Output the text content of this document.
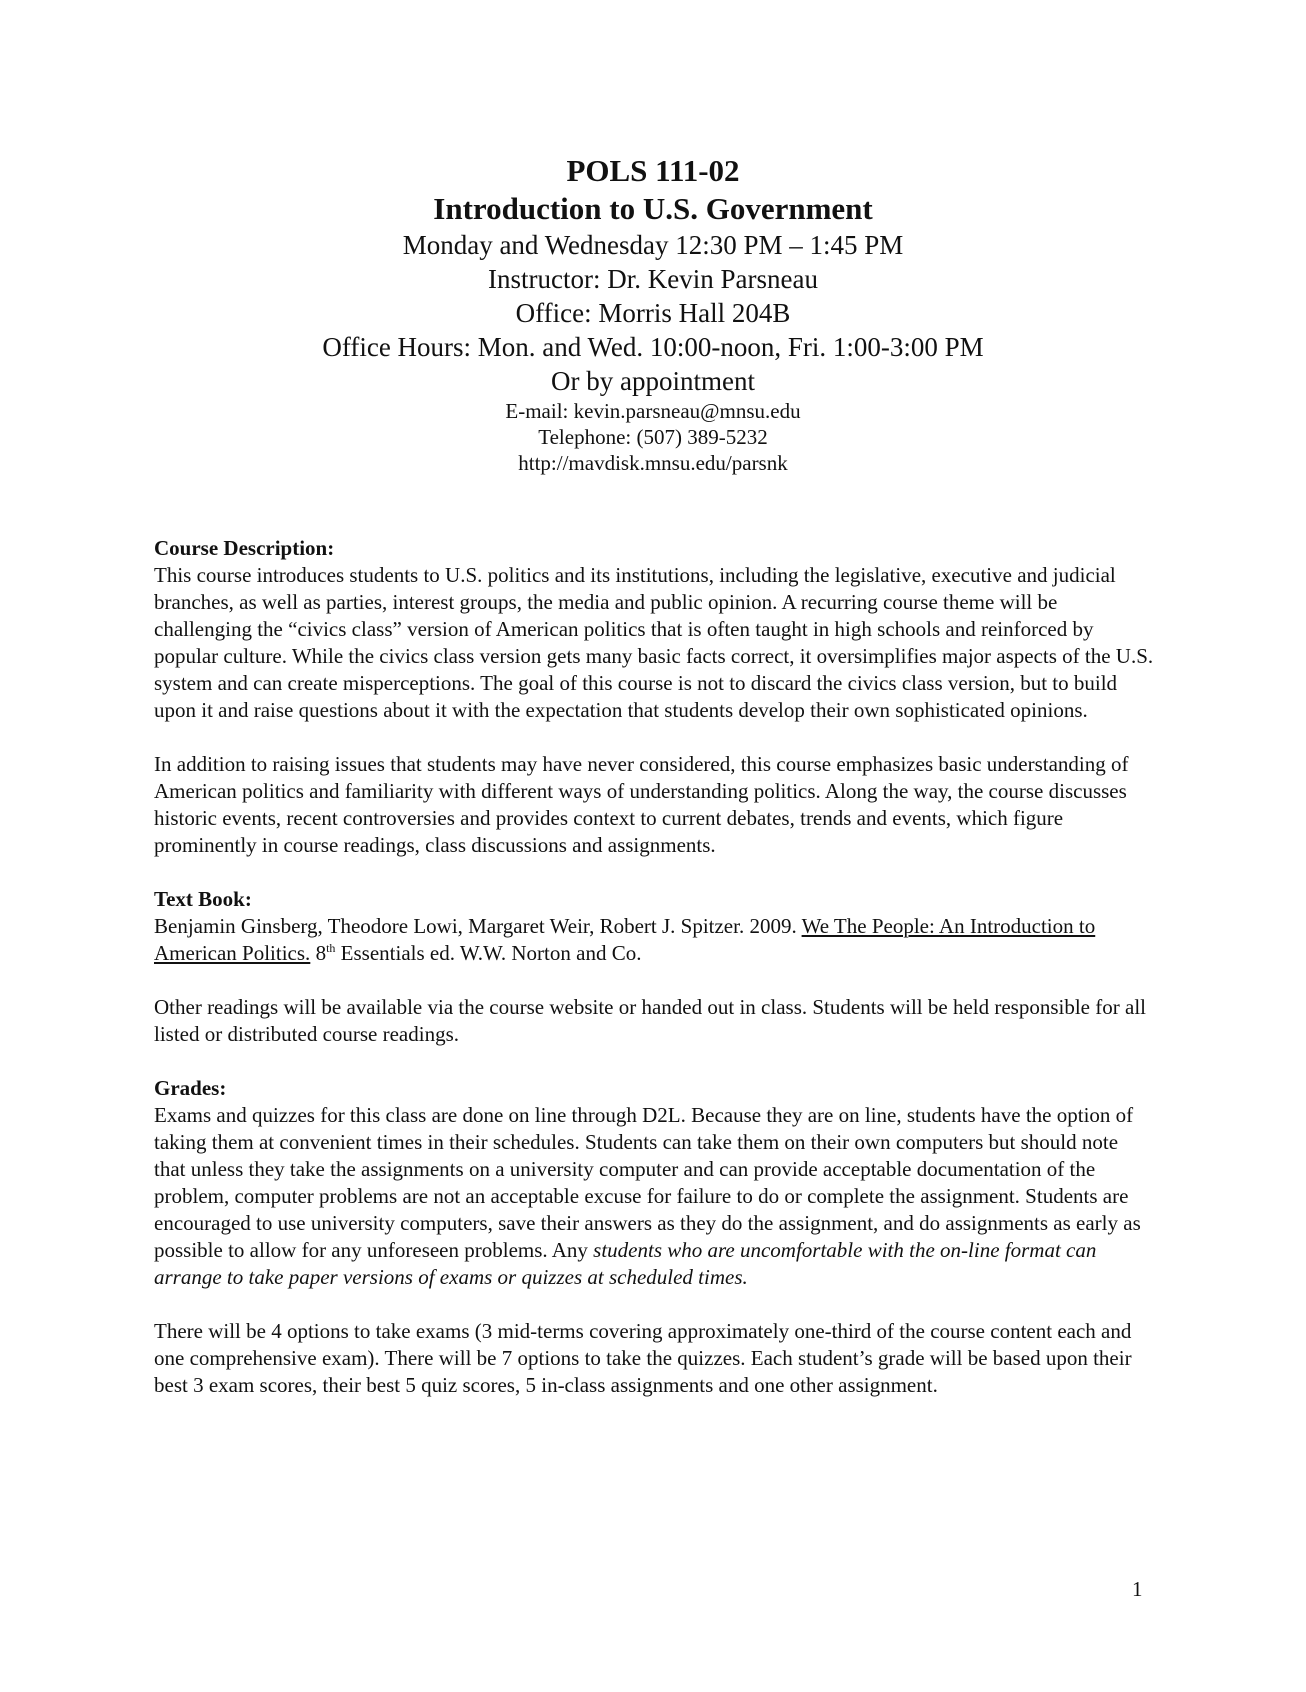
POLS 111-02

Introduction to U.S. Government

Monday and Wednesday 12:30 PM – 1:45 PM

Instructor: Dr. Kevin Parsneau

Office: Morris Hall 204B

Office Hours: Mon. and Wed. 10:00-noon, Fri. 1:00-3:00 PM

Or by appointment

E-mail: kevin.parsneau@mnsu.edu

Telephone: (507) 389-5232

http://mavdisk.mnsu.edu/parsnk

Course Description:

This course introduces students to U.S. politics and its institutions, including the legislative, executive and judicial branches, as well as parties, interest groups, the media and public opinion. A recurring course theme will be challenging the “civics class” version of American politics that is often taught in high schools and reinforced by popular culture. While the civics class version gets many basic facts correct, it oversimplifies major aspects of the U.S. system and can create misperceptions. The goal of this course is not to discard the civics class version, but to build upon it and raise questions about it with the expectation that students develop their own sophisticated opinions.

In addition to raising issues that students may have never considered, this course emphasizes basic understanding of American politics and familiarity with different ways of understanding politics. Along the way, the course discusses historic events, recent controversies and provides context to current debates, trends and events, which figure prominently in course readings, class discussions and assignments.

Text Book:

Benjamin Ginsberg, Theodore Lowi, Margaret Weir, Robert J. Spitzer. 2009. We The People: An Introduction to American Politics. 8th Essentials ed. W.W. Norton and Co.

Other readings will be available via the course website or handed out in class. Students will be held responsible for all listed or distributed course readings.

Grades:

Exams and quizzes for this class are done on line through D2L. Because they are on line, students have the option of taking them at convenient times in their schedules. Students can take them on their own computers but should note that unless they take the assignments on a university computer and can provide acceptable documentation of the problem, computer problems are not an acceptable excuse for failure to do or complete the assignment. Students are encouraged to use university computers, save their answers as they do the assignment, and do assignments as early as possible to allow for any unforeseen problems. Any students who are uncomfortable with the on-line format can arrange to take paper versions of exams or quizzes at scheduled times.

There will be 4 options to take exams (3 mid-terms covering approximately one-third of the course content each and one comprehensive exam). There will be 7 options to take the quizzes. Each student’s grade will be based upon their best 3 exam scores, their best 5 quiz scores, 5 in-class assignments and one other assignment.

1
